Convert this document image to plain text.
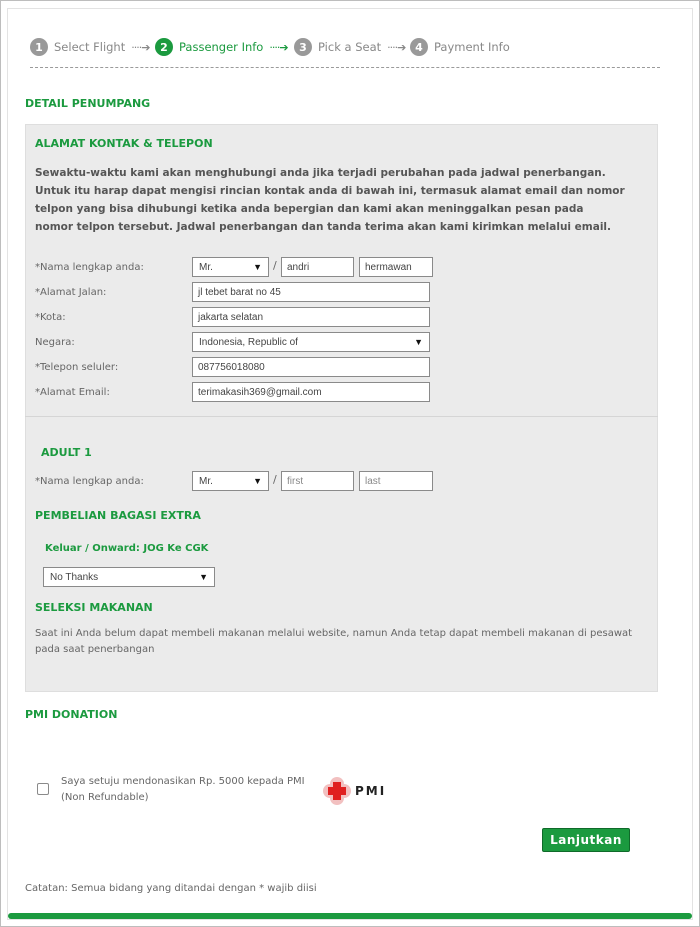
1 Select Flight ····➔ 2 Passenger Info ····➔	3 Pick a Seat ····➔ 4 Payment Info
DETAIL PENUMPANG
ALAMAT KONTAK & TELEPON
Sewaktu-waktu kami akan menghubungi anda jika terjadi perubahan pada jadwal penerbangan. Untuk itu harap dapat mengisi rincian kontak anda di bawah ini, termasuk alamat email dan nomor telpon yang bisa dihubungi ketika anda bepergian dan kami akan meninggalkan pesan pada nomor telpon tersebut. Jadwal penerbangan dan tanda terima akan kami kirimkan melalui email.
*Nama lengkap anda:	Mr.	▼ /	andri	hermawan
*Alamat Jalan:	jl tebet barat no 45
*Kota:	jakarta selatan
Negara:	Indonesia, Republic of	▼
*Telepon seluler:	087756018080
*Alamat Email:	terimakasih369@gmail.com
ADULT 1
*Nama lengkap anda:	Mr.	▼ /	first	last
PEMBELIAN BAGASI EXTRA
Keluar / Onward: JOG Ke CGK
No Thanks	▼
SELEKSI MAKANAN
Saat ini Anda belum dapat membeli makanan melalui website, namun Anda tetap dapat membeli makanan di pesawat pada saat penerbangan
PMI DONATION
Saya setuju mendonasikan Rp. 5000 kepada PMI (Non Refundable)	PMI
Lanjutkan
Catatan: Semua bidang yang ditandai dengan * wajib diisi
